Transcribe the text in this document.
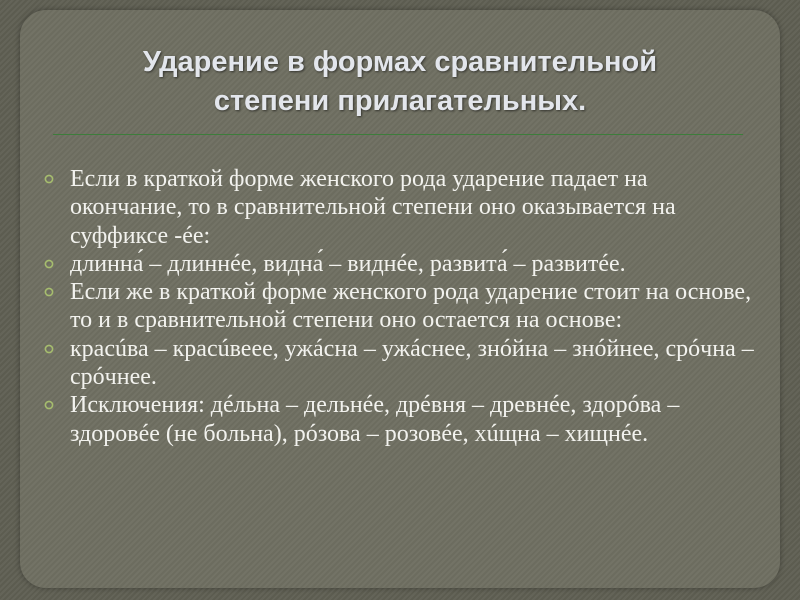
Ударение в формах сравнительной
степени прилагательных.
Если в краткой форме женского рода ударение падает на окончание, то в сравнительной степени оно оказывается на суффиксе -ée:
длинна́ – длиннée, видна́ – виднée, развита́ – развитéе.
Если же в краткой форме женского рода ударение стоит на основе, то и в сравнительной степени оно остается на основе:
красúва – красúвеее, ужáсна – ужáснее, знóйна – знóйнее, срóчна – срóчнее.
Исключения: дéльна – дельнée, дрéвня – древнée, здорóва – здоровée (не больна), рóзова – розовée, хúщна – хищнée.
